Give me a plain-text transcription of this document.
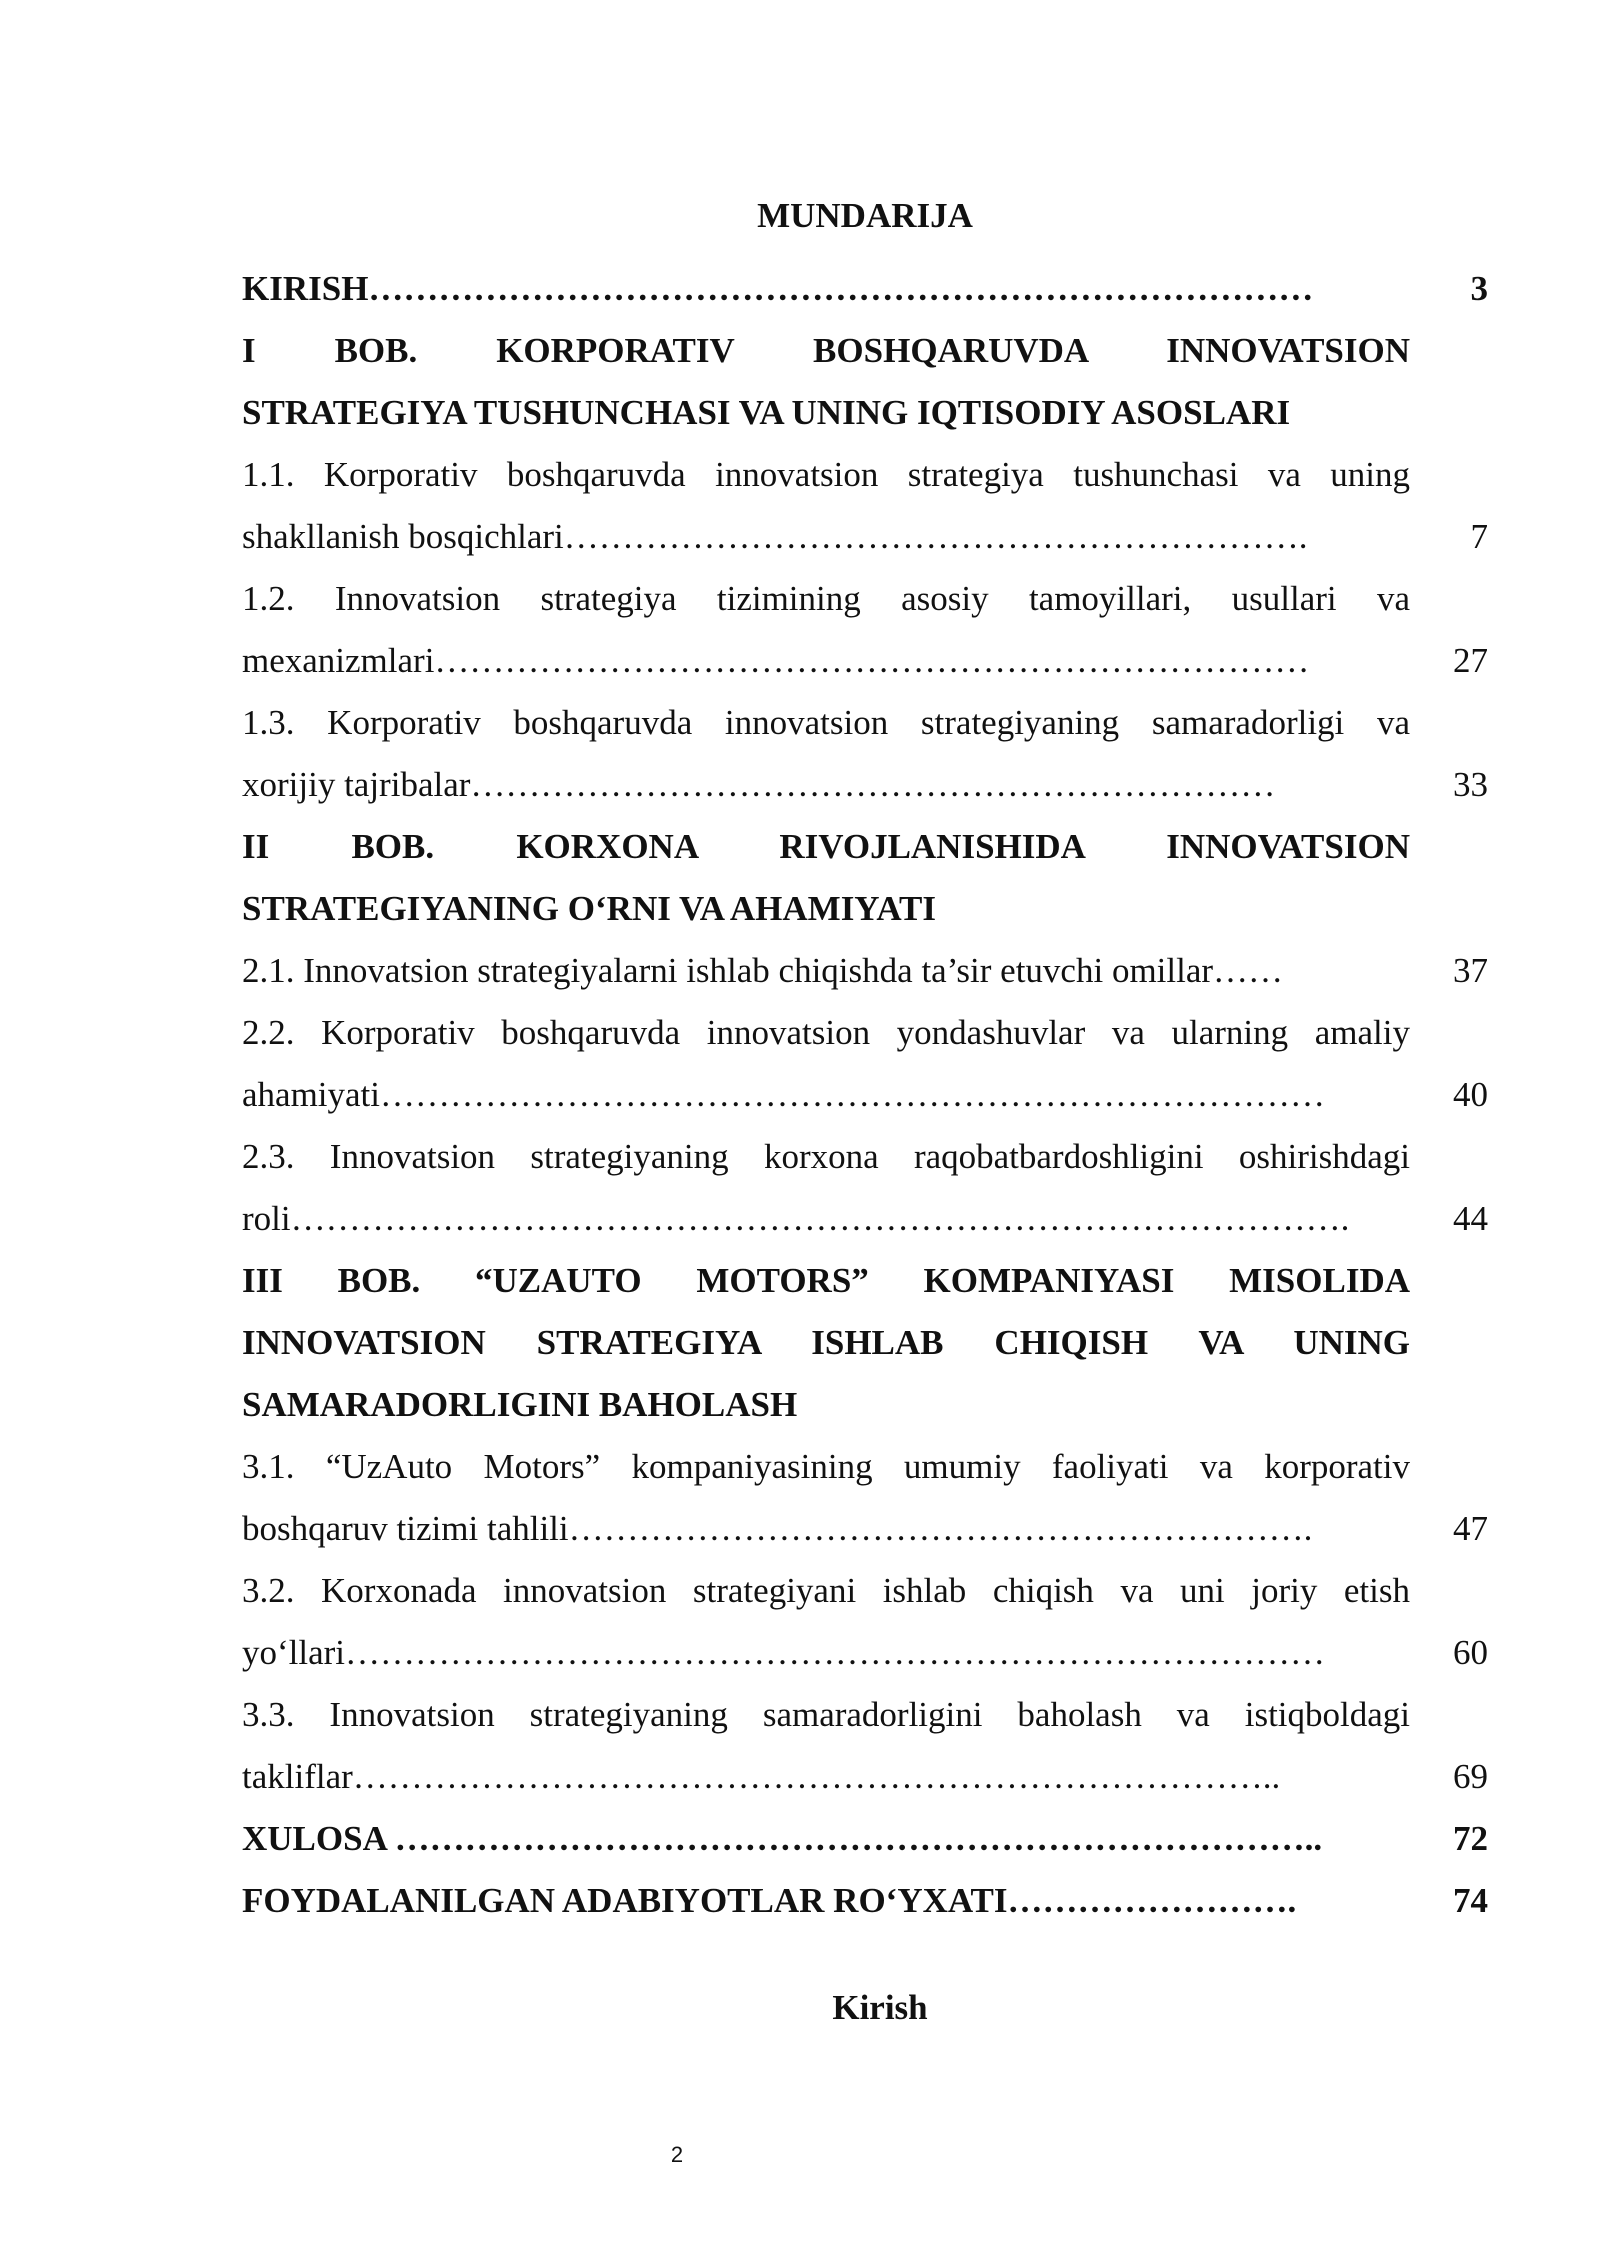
MUNDARIJA
KIRISH………………………………………………………………………	3
I BOB. KORPORATIV BOSHQARUVDA INNOVATSION
STRATEGIYA TUSHUNCHASI VA UNING IQTISODIY ASOSLARI
1.1. Korporativ boshqaruvda innovatsion strategiya tushunchasi va uning
shakllanish bosqichlari……………………………………………………….	7
1.2. Innovatsion strategiya tizimining asosiy tamoyillari, usullari va
mexanizmlari…………………………………………………………………	27
1.3. Korporativ boshqaruvda innovatsion strategiyaning samaradorligi va
xorijiy tajribalar……………………………………………………………	33
II BOB. KORXONA RIVOJLANISHIDA INNOVATSION
STRATEGIYANING O‘RNI VA AHAMIYATI
2.1. Innovatsion strategiyalarni ishlab chiqishda ta’sir etuvchi omillar……	37
2.2. Korporativ boshqaruvda innovatsion yondashuvlar va ularning amaliy
ahamiyati………………………………………………………………………	40
2.3. Innovatsion strategiyaning korxona raqobatbardoshligini oshirishdagi
roli……………………………………………………………………………….	44
III BOB. “UZAUTO MOTORS” KOMPANIYASI MISOLIDA
INNOVATSION STRATEGIYA ISHLAB CHIQISH VA UNING
SAMARADORLIGINI BAHOLASH
3.1. “UzAuto Motors” kompaniyasining umumiy faoliyati va korporativ
boshqaruv tizimi tahlili……………………………………………………….	47
3.2. Korxonada innovatsion strategiyani ishlab chiqish va uni joriy etish
yo‘llari…………………………………………………………………………	60
3.3. Innovatsion strategiyaning samaradorligini baholash va istiqboldagi
takliflar……………………………………………………………………..	69
XULOSA ……………………………………………………………………..	72
FOYDALANILGAN ADABIYOTLAR RO‘YXATI…………………….	74
Kirish
2
